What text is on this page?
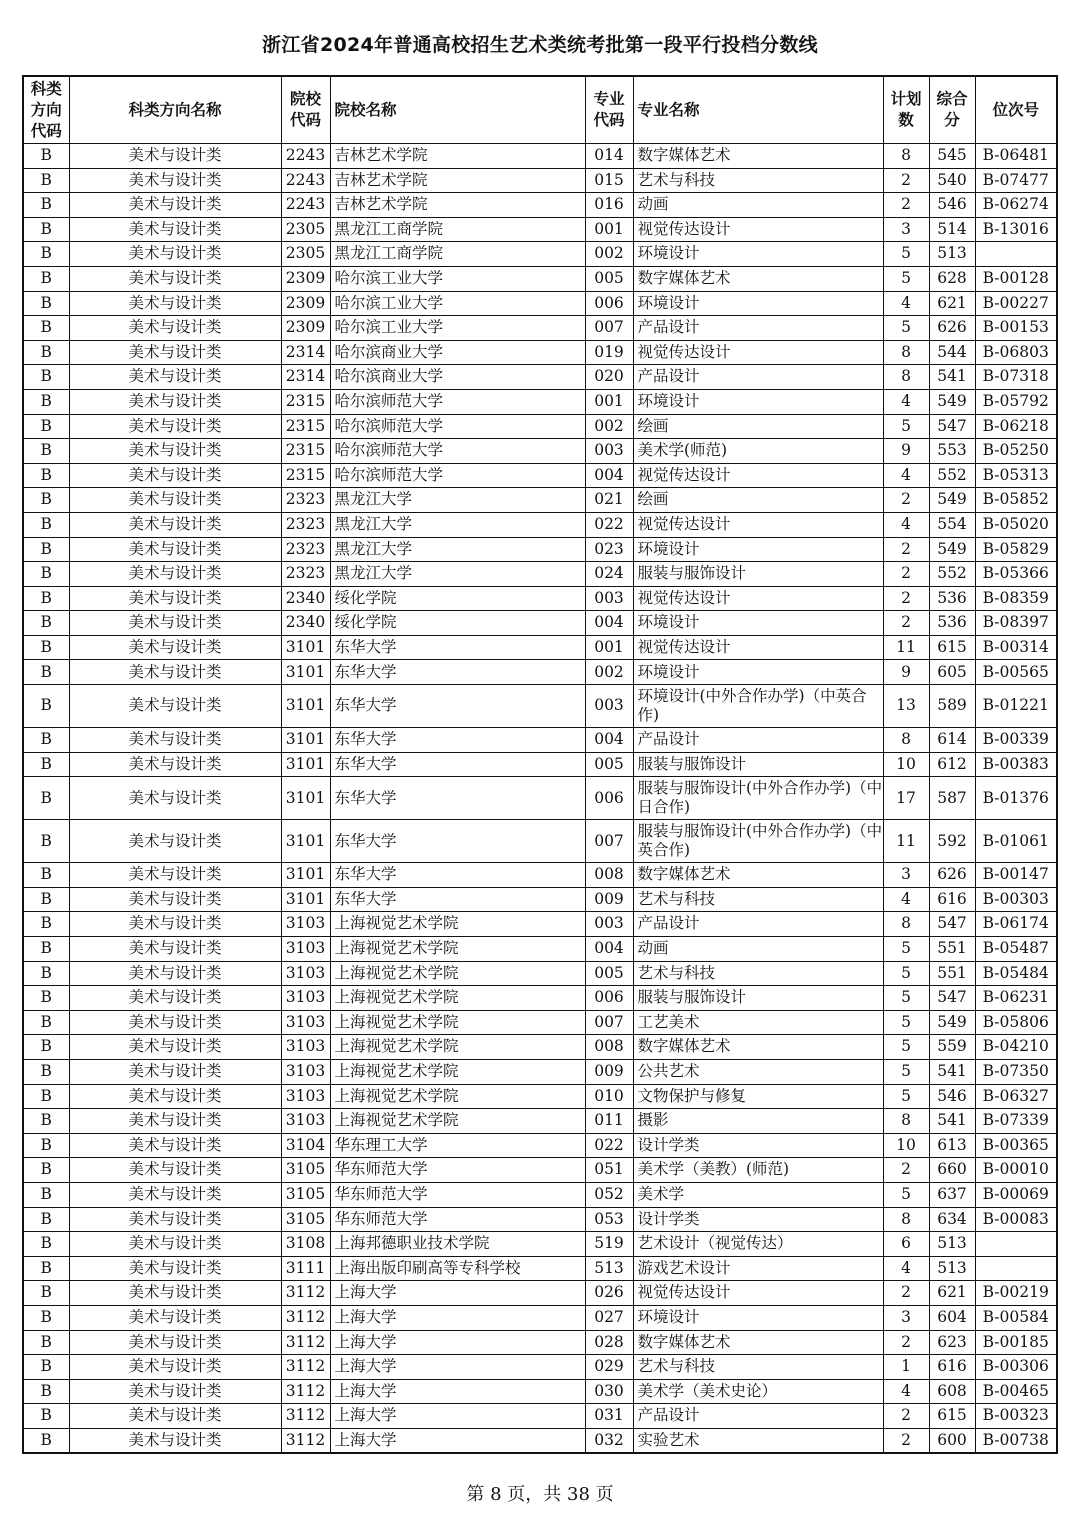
浙江省2024年普通高校招生艺术类统考批第一段平行投档分数线
科类方向代码	科类方向名称	院校代码	院校名称	专业代码	专业名称	计划数	综合分	位次号
B	美术与设计类	2243	吉林艺术学院	014	数字媒体艺术	8	545	B-06481
B	美术与设计类	2243	吉林艺术学院	015	艺术与科技	2	540	B-07477
B	美术与设计类	2243	吉林艺术学院	016	动画	2	546	B-06274
B	美术与设计类	2305	黑龙江工商学院	001	视觉传达设计	3	514	B-13016
B	美术与设计类	2305	黑龙江工商学院	002	环境设计	5	513	
B	美术与设计类	2309	哈尔滨工业大学	005	数字媒体艺术	5	628	B-00128
B	美术与设计类	2309	哈尔滨工业大学	006	环境设计	4	621	B-00227
B	美术与设计类	2309	哈尔滨工业大学	007	产品设计	5	626	B-00153
B	美术与设计类	2314	哈尔滨商业大学	019	视觉传达设计	8	544	B-06803
B	美术与设计类	2314	哈尔滨商业大学	020	产品设计	8	541	B-07318
B	美术与设计类	2315	哈尔滨师范大学	001	环境设计	4	549	B-05792
B	美术与设计类	2315	哈尔滨师范大学	002	绘画	5	547	B-06218
B	美术与设计类	2315	哈尔滨师范大学	003	美术学(师范)	9	553	B-05250
B	美术与设计类	2315	哈尔滨师范大学	004	视觉传达设计	4	552	B-05313
B	美术与设计类	2323	黑龙江大学	021	绘画	2	549	B-05852
B	美术与设计类	2323	黑龙江大学	022	视觉传达设计	4	554	B-05020
B	美术与设计类	2323	黑龙江大学	023	环境设计	2	549	B-05829
B	美术与设计类	2323	黑龙江大学	024	服装与服饰设计	2	552	B-05366
B	美术与设计类	2340	绥化学院	003	视觉传达设计	2	536	B-08359
B	美术与设计类	2340	绥化学院	004	环境设计	2	536	B-08397
B	美术与设计类	3101	东华大学	001	视觉传达设计	11	615	B-00314
B	美术与设计类	3101	东华大学	002	环境设计	9	605	B-00565
B	美术与设计类	3101	东华大学	003	环境设计(中外合作办学)（中英合作)	13	589	B-01221
B	美术与设计类	3101	东华大学	004	产品设计	8	614	B-00339
B	美术与设计类	3101	东华大学	005	服装与服饰设计	10	612	B-00383
B	美术与设计类	3101	东华大学	006	服装与服饰设计(中外合作办学)（中日合作)	17	587	B-01376
B	美术与设计类	3101	东华大学	007	服装与服饰设计(中外合作办学)（中英合作)	11	592	B-01061
B	美术与设计类	3101	东华大学	008	数字媒体艺术	3	626	B-00147
B	美术与设计类	3101	东华大学	009	艺术与科技	4	616	B-00303
B	美术与设计类	3103	上海视觉艺术学院	003	产品设计	8	547	B-06174
B	美术与设计类	3103	上海视觉艺术学院	004	动画	5	551	B-05487
B	美术与设计类	3103	上海视觉艺术学院	005	艺术与科技	5	551	B-05484
B	美术与设计类	3103	上海视觉艺术学院	006	服装与服饰设计	5	547	B-06231
B	美术与设计类	3103	上海视觉艺术学院	007	工艺美术	5	549	B-05806
B	美术与设计类	3103	上海视觉艺术学院	008	数字媒体艺术	5	559	B-04210
B	美术与设计类	3103	上海视觉艺术学院	009	公共艺术	5	541	B-07350
B	美术与设计类	3103	上海视觉艺术学院	010	文物保护与修复	5	546	B-06327
B	美术与设计类	3103	上海视觉艺术学院	011	摄影	8	541	B-07339
B	美术与设计类	3104	华东理工大学	022	设计学类	10	613	B-00365
B	美术与设计类	3105	华东师范大学	051	美术学（美教）(师范)	2	660	B-00010
B	美术与设计类	3105	华东师范大学	052	美术学	5	637	B-00069
B	美术与设计类	3105	华东师范大学	053	设计学类	8	634	B-00083
B	美术与设计类	3108	上海邦德职业技术学院	519	艺术设计（视觉传达）	6	513	
B	美术与设计类	3111	上海出版印刷高等专科学校	513	游戏艺术设计	4	513	
B	美术与设计类	3112	上海大学	026	视觉传达设计	2	621	B-00219
B	美术与设计类	3112	上海大学	027	环境设计	3	604	B-00584
B	美术与设计类	3112	上海大学	028	数字媒体艺术	2	623	B-00185
B	美术与设计类	3112	上海大学	029	艺术与科技	1	616	B-00306
B	美术与设计类	3112	上海大学	030	美术学（美术史论）	4	608	B-00465
B	美术与设计类	3112	上海大学	031	产品设计	2	615	B-00323
B	美术与设计类	3112	上海大学	032	实验艺术	2	600	B-00738
第 8 页，共 38 页
